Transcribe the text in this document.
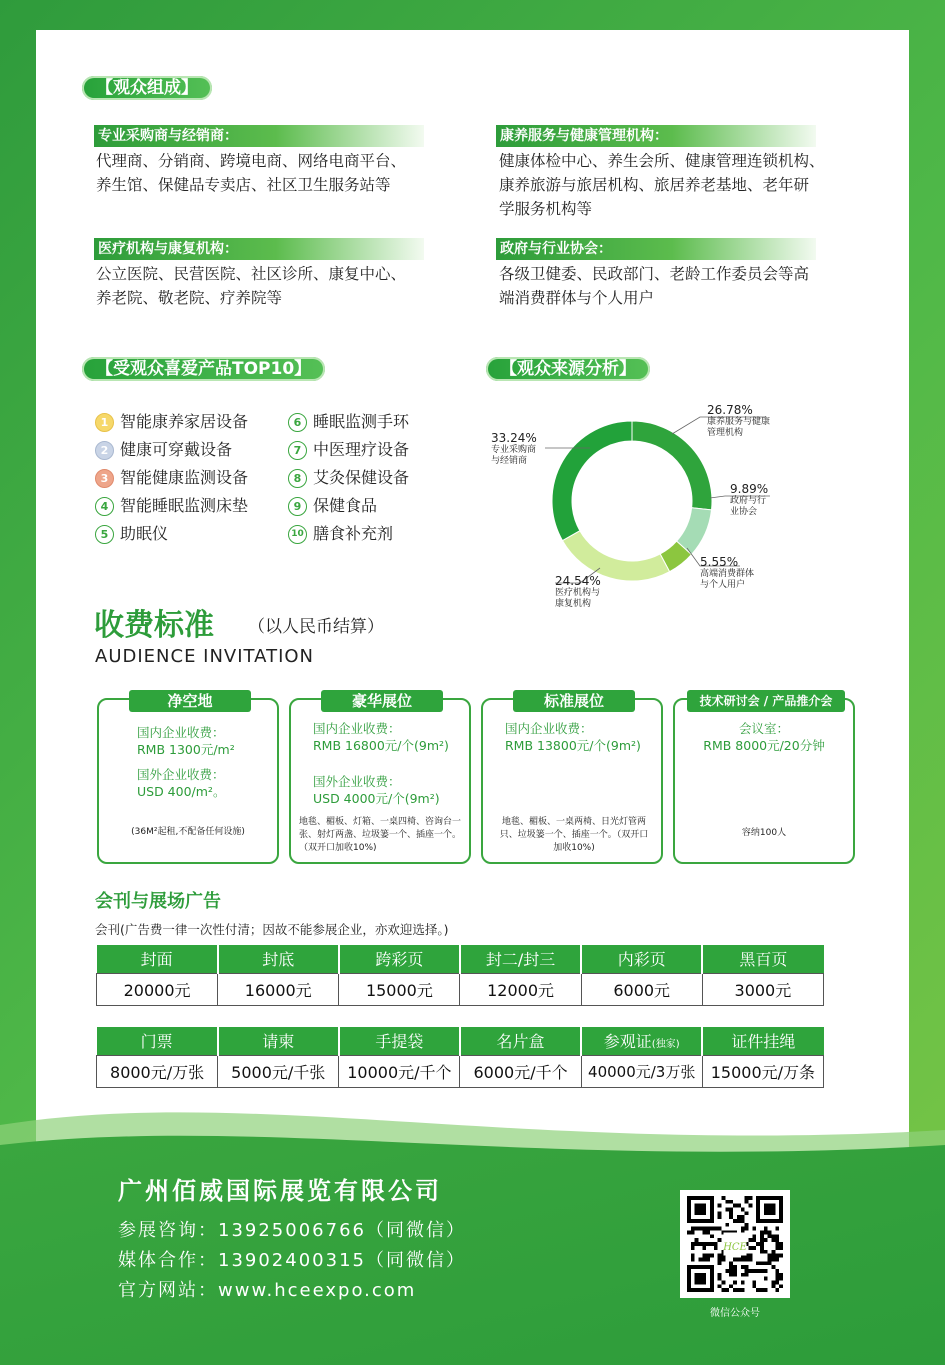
【观众组成】
专业采购商与经销商：
代理商、分销商、跨境电商、网络电商平台、
养生馆、保健品专卖店、社区卫生服务站等
康养服务与健康管理机构：
健康体检中心、养生会所、健康管理连锁机构、
康养旅游与旅居机构、旅居养老基地、老年研
学服务机构等
医疗机构与康复机构：
公立医院、民营医院、社区诊所、康复中心、
养老院、敬老院、疗养院等
政府与行业协会：
各级卫健委、民政部门、老龄工作委员会等高
端消费群体与个人用户
【受观众喜爱产品TOP10】
1 智能康养家居设备
2 健康可穿戴设备
3 智能健康监测设备
4 智能睡眠监测床垫
5 助眠仪
6 睡眠监测手环
7 中医理疗设备
8 艾灸保健设备
9 保健食品
10 膳食补充剂
【观众来源分析】
33.24%
专业采购商
与经销商
26.78%
康养服务与健康
管理机构
9.89%
政府与行
业协会
5.55%
高端消费群体
与个人用户
24.54%
医疗机构与
康复机构
收费标准 （以人民币结算）
AUDIENCE INVITATION
净空地
国内企业收费：
RMB 1300元/m²
国外企业收费：
USD 400/m²。
(36M²起租,不配备任何设施)
豪华展位
国内企业收费：
RMB 16800元/个(9m²)
国外企业收费：
USD 4000元/个(9m²)
地毯、楣板、灯箱、一桌四椅、咨询台一张、射灯两盏、垃圾篓一个、插座一个。（双开口加收10%)
标准展位
国内企业收费：
RMB 13800元/个(9m²)
地毯、楣板、一桌两椅、日光灯管两只、垃圾篓一个、插座一个。（双开口加收10%)
技术研讨会 / 产品推介会
会议室：
RMB 8000元/20分钟
容纳100人
会刊与展场广告
会刊(广告费一律一次性付清；因故不能参展企业，亦欢迎选择。)
封面	封底	跨彩页	封二/封三	内彩页	黑百页
20000元	16000元	15000元	12000元	6000元	3000元
门票	请柬	手提袋	名片盒	参观证(独家)	证件挂绳
8000元/万张	5000元/千张	10000元/千个	6000元/千个	40000元/3万张	15000元/万条
广州佰威国际展览有限公司
参展咨询：13925006766（同微信）
媒体合作：13902400315（同微信）
官方网站：www.hceexpo.com
HCE
微信公众号
